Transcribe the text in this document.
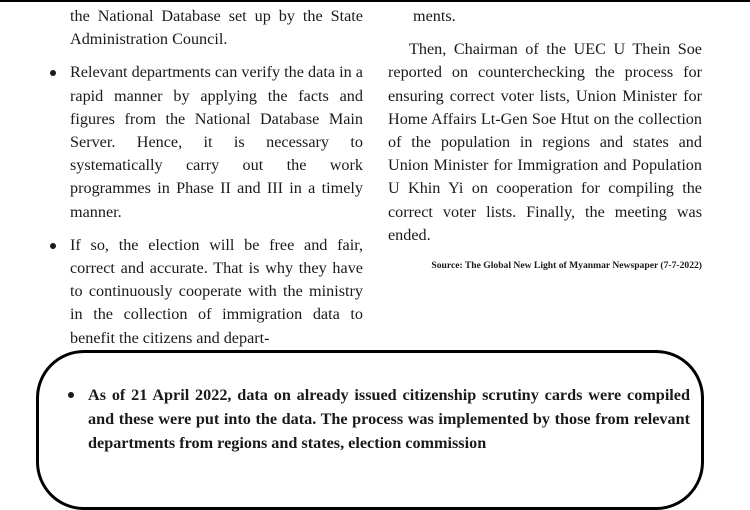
the National Database set up by the State Administration Council.

Relevant departments can verify the data in a rapid manner by applying the facts and figures from the National Database Main Server. Hence, it is necessary to systematically carry out the work programmes in Phase II and III in a timely manner.
If so, the election will be free and fair, correct and accurate. That is why they have to continuously cooperate with the ministry in the collection of immigration data to benefit the citizens and depart-

ments.

Then, Chairman of the UEC U Thein Soe reported on counterchecking the process for ensuring correct voter lists, Union Minister for Home Affairs Lt-Gen Soe Htut on the collection of the population in regions and states and Union Minister for Immigration and Population U Khin Yi on cooperation for compiling the correct voter lists. Finally, the meeting was ended.

Source: The Global New Light of Myanmar Newspaper (7-7-2022)
As of 21 April 2022, data on already issued citizenship scrutiny cards were compiled and these were put into the data. The process was implemented by those from relevant departments from regions and states, election commission
